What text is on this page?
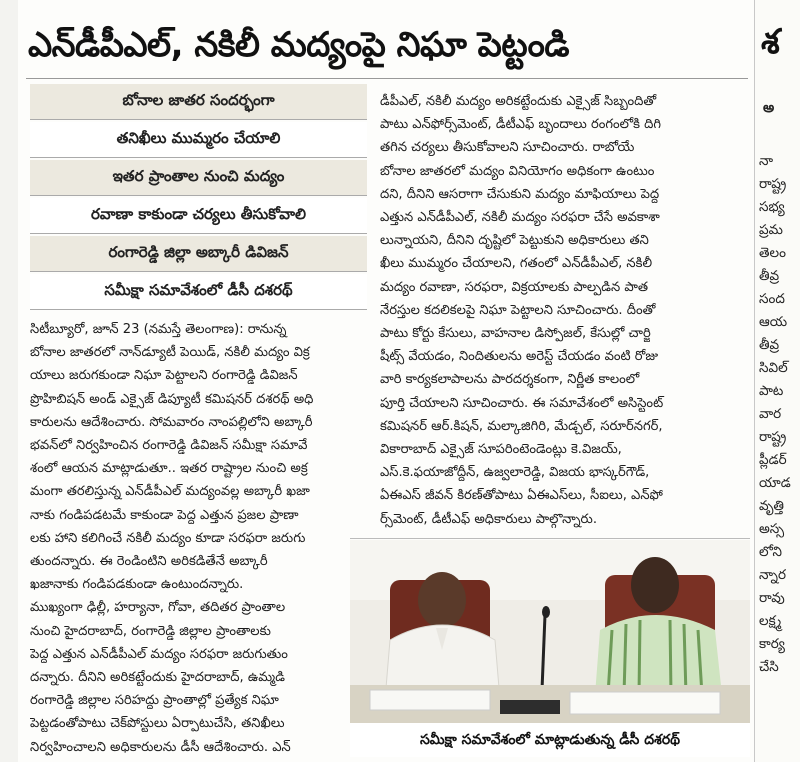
ఎన్‌డీపీఎల్, నకిలీ మద్యంపై నిఘా పెట్టండి
బోనాల జాతర సందర్భంగా
తనిఖీలు ముమ్మరం చేయాలి
ఇతర ప్రాంతాల నుంచి మద్యం
రవాణా కాకుండా చర్యలు తీసుకోవాలి
రంగారెడ్డి జిల్లా అబ్కారీ డివిజన్
సమీక్షా సమావేశంలో డీసీ దశరథ్
సిటీబ్యూరో, జూన్ 23 (నమస్తే తెలంగాణ): రానున్న
బోనాల జాతరలో నాన్‌డ్యూటీ పెయిడ్, నకిలీ మద్యం విక్ర
యాలు జరుగకుండా నిఘా పెట్టాలని రంగారెడ్డి డివిజన్
ప్రొహిబిషన్ అండ్ ఎక్సైజ్ డిప్యూటీ కమిషనర్ దశరథ్ అధి
కారులను ఆదేశించారు. సోమవారం నాంపల్లిలోని అబ్కారీ
భవన్‌లో నిర్వహించిన రంగారెడ్డి డివిజన్ సమీక్షా సమావే
శంలో ఆయన మాట్లాడుతూ.. ఇతర రాష్ట్రాల నుంచి అక్ర
మంగా తరలిస్తున్న ఎన్‌డీపీఎల్ మద్యంవల్ల అబ్కారీ ఖజా
నాకు గండిపడటమే కాకుండా పెద్ద ఎత్తున ప్రజల ప్రాణా
లకు హాని కలిగించే నకిలీ మద్యం కూడా సరఫరా జరుగు
తుందన్నారు. ఈ రెండింటిని అరికడితేనే అబ్కారీ
ఖజానాకు గండిపడకుండా ఉంటుందన్నారు.
ముఖ్యంగా ఢిల్లీ, హర్యానా, గోవా, తదితర ప్రాంతాల
నుంచి హైదరాబాద్, రంగారెడ్డి జిల్లాల ప్రాంతాలకు
పెద్ద ఎత్తున ఎన్‌డీపీఎల్ మద్యం సరఫరా జరుగుతుం
దన్నారు. దీనిని అరికట్టేందుకు హైదరాబాద్, ఉమ్మడి
రంగారెడ్డి జిల్లాల సరిహద్దు ప్రాంతాల్లో ప్రత్యేక నిఘా
పెట్టడంతోపాటు చెక్‌పోస్టులు ఏర్పాటుచేసి, తనిఖీలు
నిర్వహించాలని అధికారులను డీసీ ఆదేశించారు. ఎన్
డీపీఎల్, నకిలీ మద్యం అరికట్టేందుకు ఎక్సైజ్ సిబ్బందితో
పాటు ఎన్‌ఫోర్స్‌మెంట్, డీటీఎఫ్ బృందాలు రంగంలోకి దిగి
తగిన చర్యలు తీసుకోవాలని సూచించారు. రాబోయే
బోనాల జాతరలో మద్యం వినియోగం అధికంగా ఉంటుం
దని, దీనిని ఆసరాగా చేసుకుని మద్యం మాఫియాలు పెద్ద
ఎత్తున ఎన్‌డీపీఎల్, నకిలీ మద్యం సరఫరా చేసే అవకాశా
లున్నాయని, దీనిని దృష్టిలో పెట్టుకుని అధికారులు తని
ఖీలు ముమ్మరం చేయాలని, గతంలో ఎన్‌డీపీఎల్, నకిలీ
మద్యం రవాణా, సరఫరా, విక్రయాలకు పాల్పడిన పాత
నేరస్తుల కదలికలపై నిఘా పెట్టాలని సూచించారు. దీంతో
పాటు కోర్టు కేసులు, వాహనాల డిస్పోజల్, కేసుల్లో చార్జి
షీట్స్ వేయడం, నిందితులను అరెస్ట్ చేయడం వంటి రోజు
వారి కార్యకలాపాలను పారదర్శకంగా, నిర్ణీత కాలంలో
పూర్తి చేయాలని సూచించారు. ఈ సమావేశంలో అసిస్టెంట్
కమిషనర్ ఆర్.కిషన్, మల్కాజిగిరి, మేడ్చల్, సరూర్‌నగర్,
వికారాబాద్ ఎక్సైజ్ సూపరింటెండెంట్లు కె.విజయ్,
ఎస్.కె.ఫయాజోద్దీన్, ఉజ్వలారెడ్డి, విజయ భాస్కర్‌గౌడ్,
ఏఈఎస్ జీవన్ కిరణ్‌తోపాటు ఏఈఎస్‌లు, సీఐలు, ఎన్‌ఫో
ర్స్‌మెంట్, డీటీఎఫ్ అధికారులు పాల్గొన్నారు.
సమీక్షా సమావేశంలో మాట్లాడుతున్న డీసీ దశరథ్
శ
అ
నా
రాష్ట్ర
సభ్య
ప్రమ
తెలం
తీవ్ర
సంద
ఆయ
తీవ్ర
సివిల్
పాట
వార
రాష్ట్ర
ప్లీడర్
యాడ
వృత్తి
అస్స
లోని
న్నార
రావు
లక్ష్మ
కార్య
చేసి
